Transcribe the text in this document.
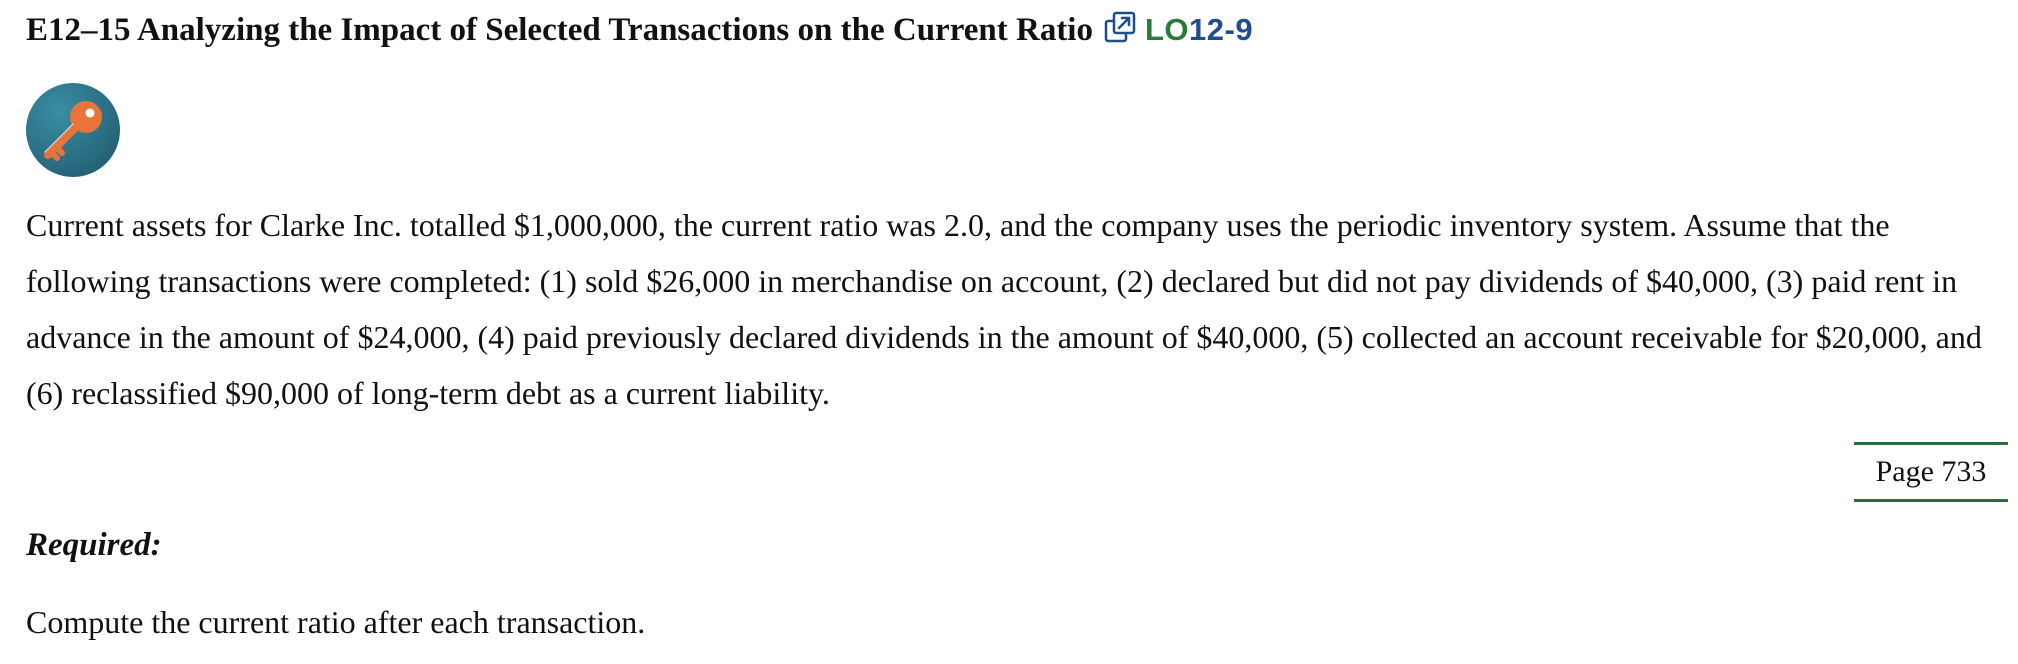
E12–15 Analyzing the Impact of Selected Transactions on the Current Ratio LO12-9

Current assets for Clarke Inc. totalled $1,000,000, the current ratio was 2.0, and the company uses the periodic inventory system. Assume that the following transactions were completed: (1) sold $26,000 in merchandise on account, (2) declared but did not pay dividends of $40,000, (3) paid rent in advance in the amount of $24,000, (4) paid previously declared dividends in the amount of $40,000, (5) collected an account receivable for $20,000, and (6) reclassified $90,000 of long-term debt as a current liability.

Page 733
Required:
Compute the current ratio after each transaction.
